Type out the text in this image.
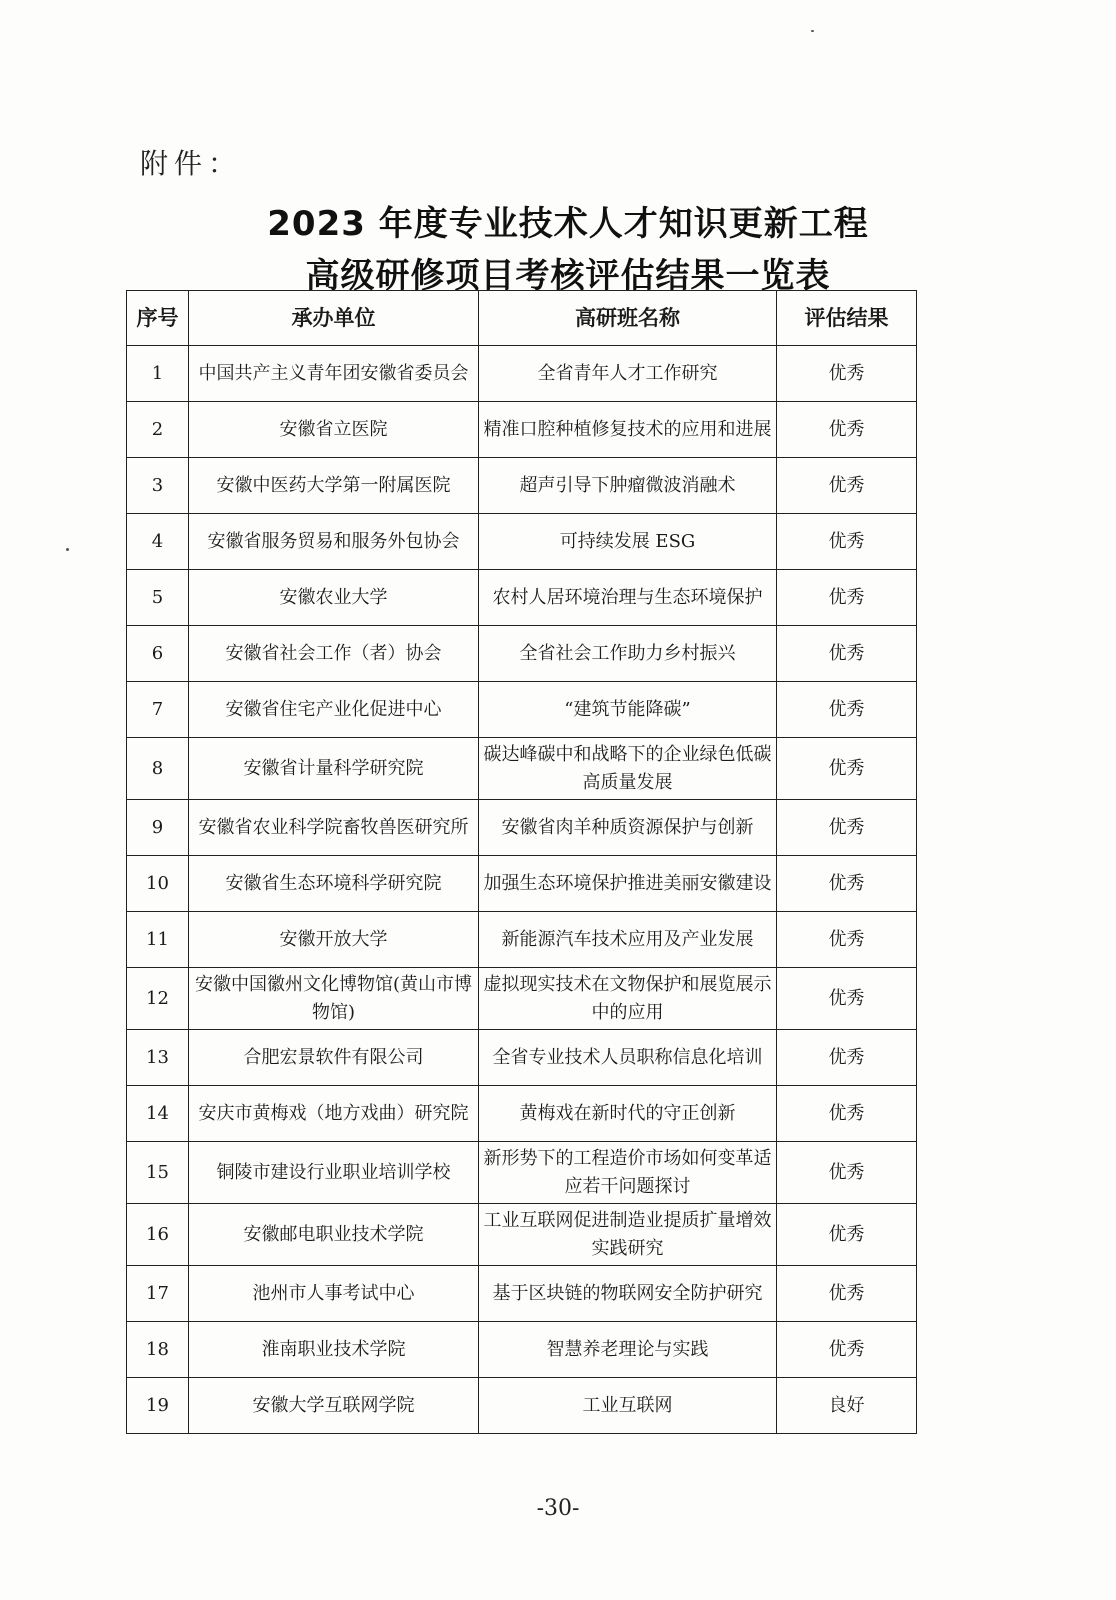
附件：
2023 年度专业技术人才知识更新工程
高级研修项目考核评估结果一览表
序号	承办单位	高研班名称	评估结果
1	中国共产主义青年团安徽省委员会	全省青年人才工作研究	优秀
2	安徽省立医院	精准口腔种植修复技术的应用和进展	优秀
3	安徽中医药大学第一附属医院	超声引导下肿瘤微波消融术	优秀
4	安徽省服务贸易和服务外包协会	可持续发展 ESG	优秀
5	安徽农业大学	农村人居环境治理与生态环境保护	优秀
6	安徽省社会工作（者）协会	全省社会工作助力乡村振兴	优秀
7	安徽省住宅产业化促进中心	“建筑节能降碳”	优秀
8	安徽省计量科学研究院	碳达峰碳中和战略下的企业绿色低碳高质量发展	优秀
9	安徽省农业科学院畜牧兽医研究所	安徽省肉羊种质资源保护与创新	优秀
10	安徽省生态环境科学研究院	加强生态环境保护推进美丽安徽建设	优秀
11	安徽开放大学	新能源汽车技术应用及产业发展	优秀
12	安徽中国徽州文化博物馆(黄山市博物馆)	虚拟现实技术在文物保护和展览展示中的应用	优秀
13	合肥宏景软件有限公司	全省专业技术人员职称信息化培训	优秀
14	安庆市黄梅戏（地方戏曲）研究院	黄梅戏在新时代的守正创新	优秀
15	铜陵市建设行业职业培训学校	新形势下的工程造价市场如何变革适应若干问题探讨	优秀
16	安徽邮电职业技术学院	工业互联网促进制造业提质扩量增效实践研究	优秀
17	池州市人事考试中心	基于区块链的物联网安全防护研究	优秀
18	淮南职业技术学院	智慧养老理论与实践	优秀
19	安徽大学互联网学院	工业互联网	良好
-30-
